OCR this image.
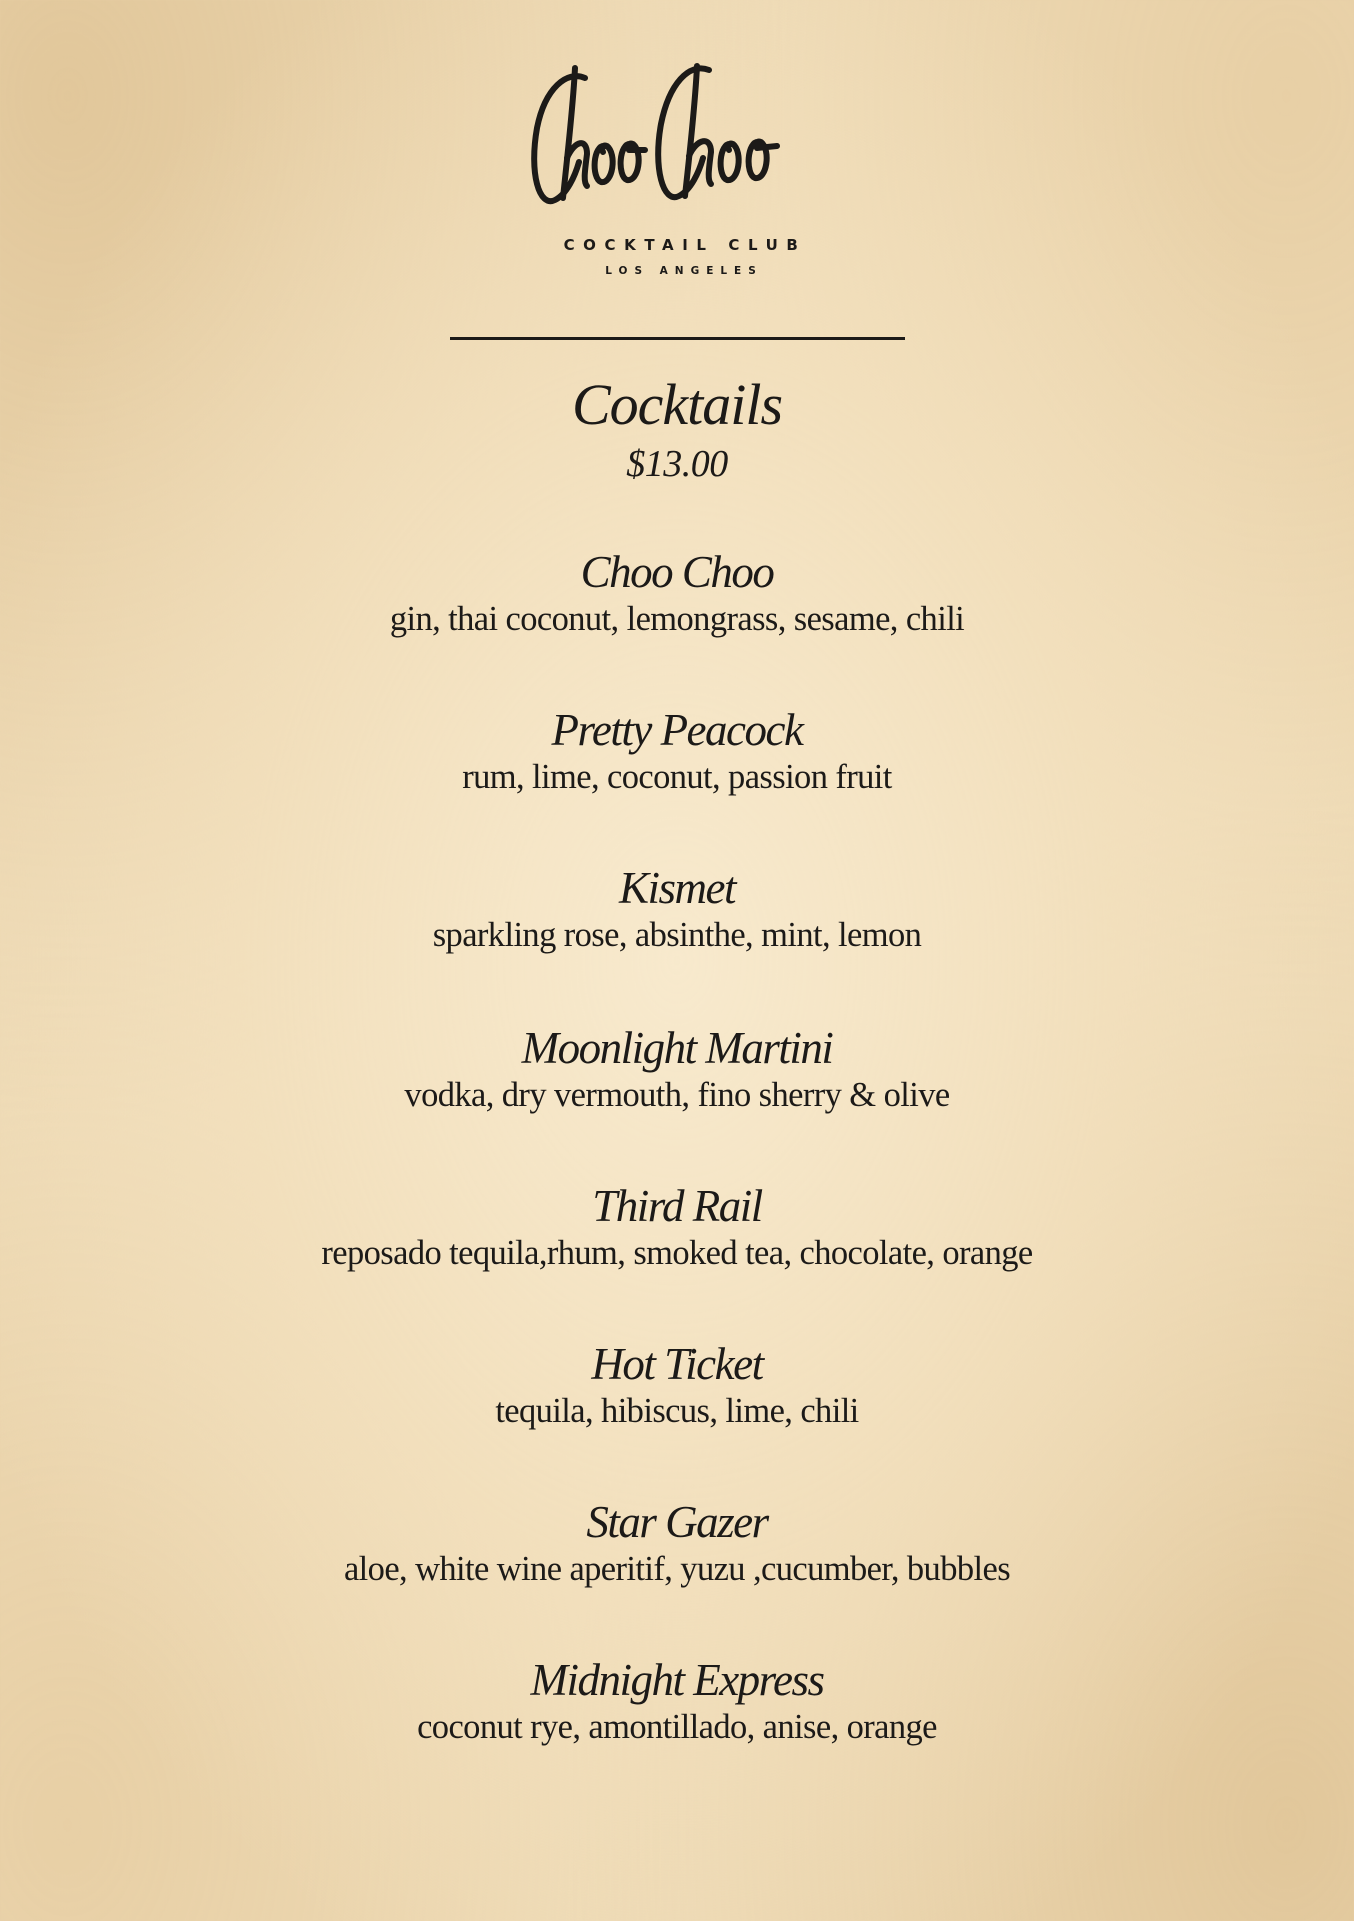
COCKTAIL CLUB
LOS ANGELES
Cocktails
$13.00
Choo Choo
gin, thai coconut, lemongrass, sesame, chili
Pretty Peacock
rum, lime, coconut, passion fruit
Kismet
sparkling rose, absinthe, mint, lemon
Moonlight Martini
vodka, dry vermouth, fino sherry & olive
Third Rail
reposado tequila,rhum, smoked tea, chocolate, orange
Hot Ticket
tequila, hibiscus, lime, chili
Star Gazer
aloe, white wine aperitif, yuzu ,cucumber, bubbles
Midnight Express
coconut rye, amontillado, anise, orange
